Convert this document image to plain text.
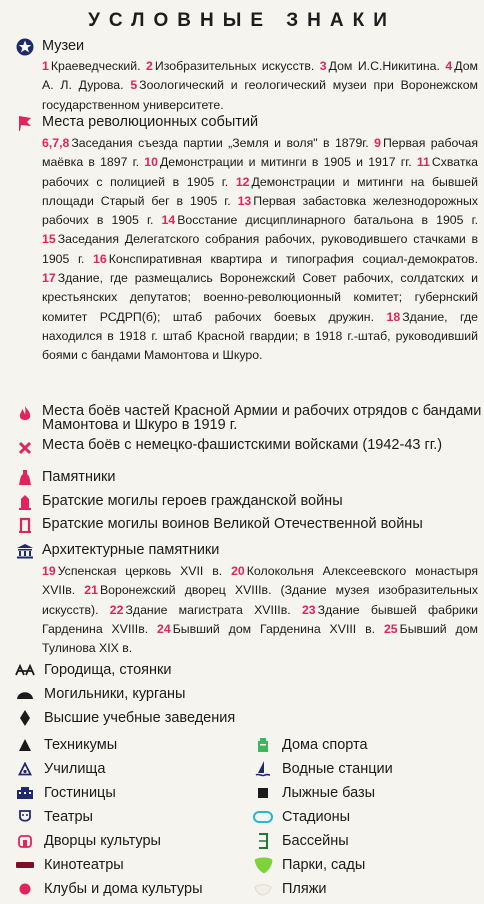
УСЛОВНЫЕ ЗНАКИ
Музеи
1 Краеведческий. 2 Изобразительных искусств. 3 Дом И.С.Никитина. 4 Дом А. Л. Дурова. 5 Зоологический и геологический музеи при Воронежском государственном университете.
Места революционных событий
6,7,8 Заседания съезда партии „Земля и воля" в 1879г. 9 Первая рабочая маёвка в 1897 г. 10 Демонстрации и митинги в 1905 и 1917 гг. 11 Схватка рабочих с полицией в 1905 г. 12 Демонстрации и митинги на бывшей площади Старый бег в 1905 г. 13 Первая забастовка железнодорожных рабочих в 1905 г. 14 Восстание дисциплинарного батальона в 1905 г. 15 Заседания Делегатского собрания рабочих, руководившего стачками в 1905 г. 16 Конспиративная квартира и типография социал-демократов. 17 Здание, где размещались Воронежский Совет рабочих, солдатских и крестьянских депутатов; военно-революционный комитет; губернский комитет РСДРП(б); штаб рабочих боевых дружин. 18 Здание, где находился в 1918 г. штаб Красной гвардии; в 1918 г.-штаб, руководивший боями с бандами Мамонтова и Шкуро.
Места боёв частей Красной Армии и рабочих отрядов с бандами Мамонтова и Шкуро в 1919 г.
Места боёв с немецко-фашистскими войсками (1942-43 гг.)
Памятники
Братские могилы героев гражданской войны
Братские могилы воинов Великой Отечественной войны
Архитектурные памятники
19 Успенская церковь XVII в. 20 Колокольня Алексеевского монастыря XVIIв. 21 Воронежский дворец XVIIIв. (Здание музея изобразительных искусств). 22 Здание магистрата XVIIIв. 23 Здание бывшей фабрики Гарденина XVIIIв. 24 Бывший дом Гарденина XVIII в. 25 Бывший дом Тулинова XIX в.
Городища, стоянки
Могильники, курганы
Высшие учебные заведения
Техникумы
Училища
Гостиницы
Театры
Дворцы культуры
Кинотеатры
Клубы и дома культуры
Дома спорта
Водные станции
Лыжные базы
Стадионы
Бассейны
Парки, сады
Пляжи
